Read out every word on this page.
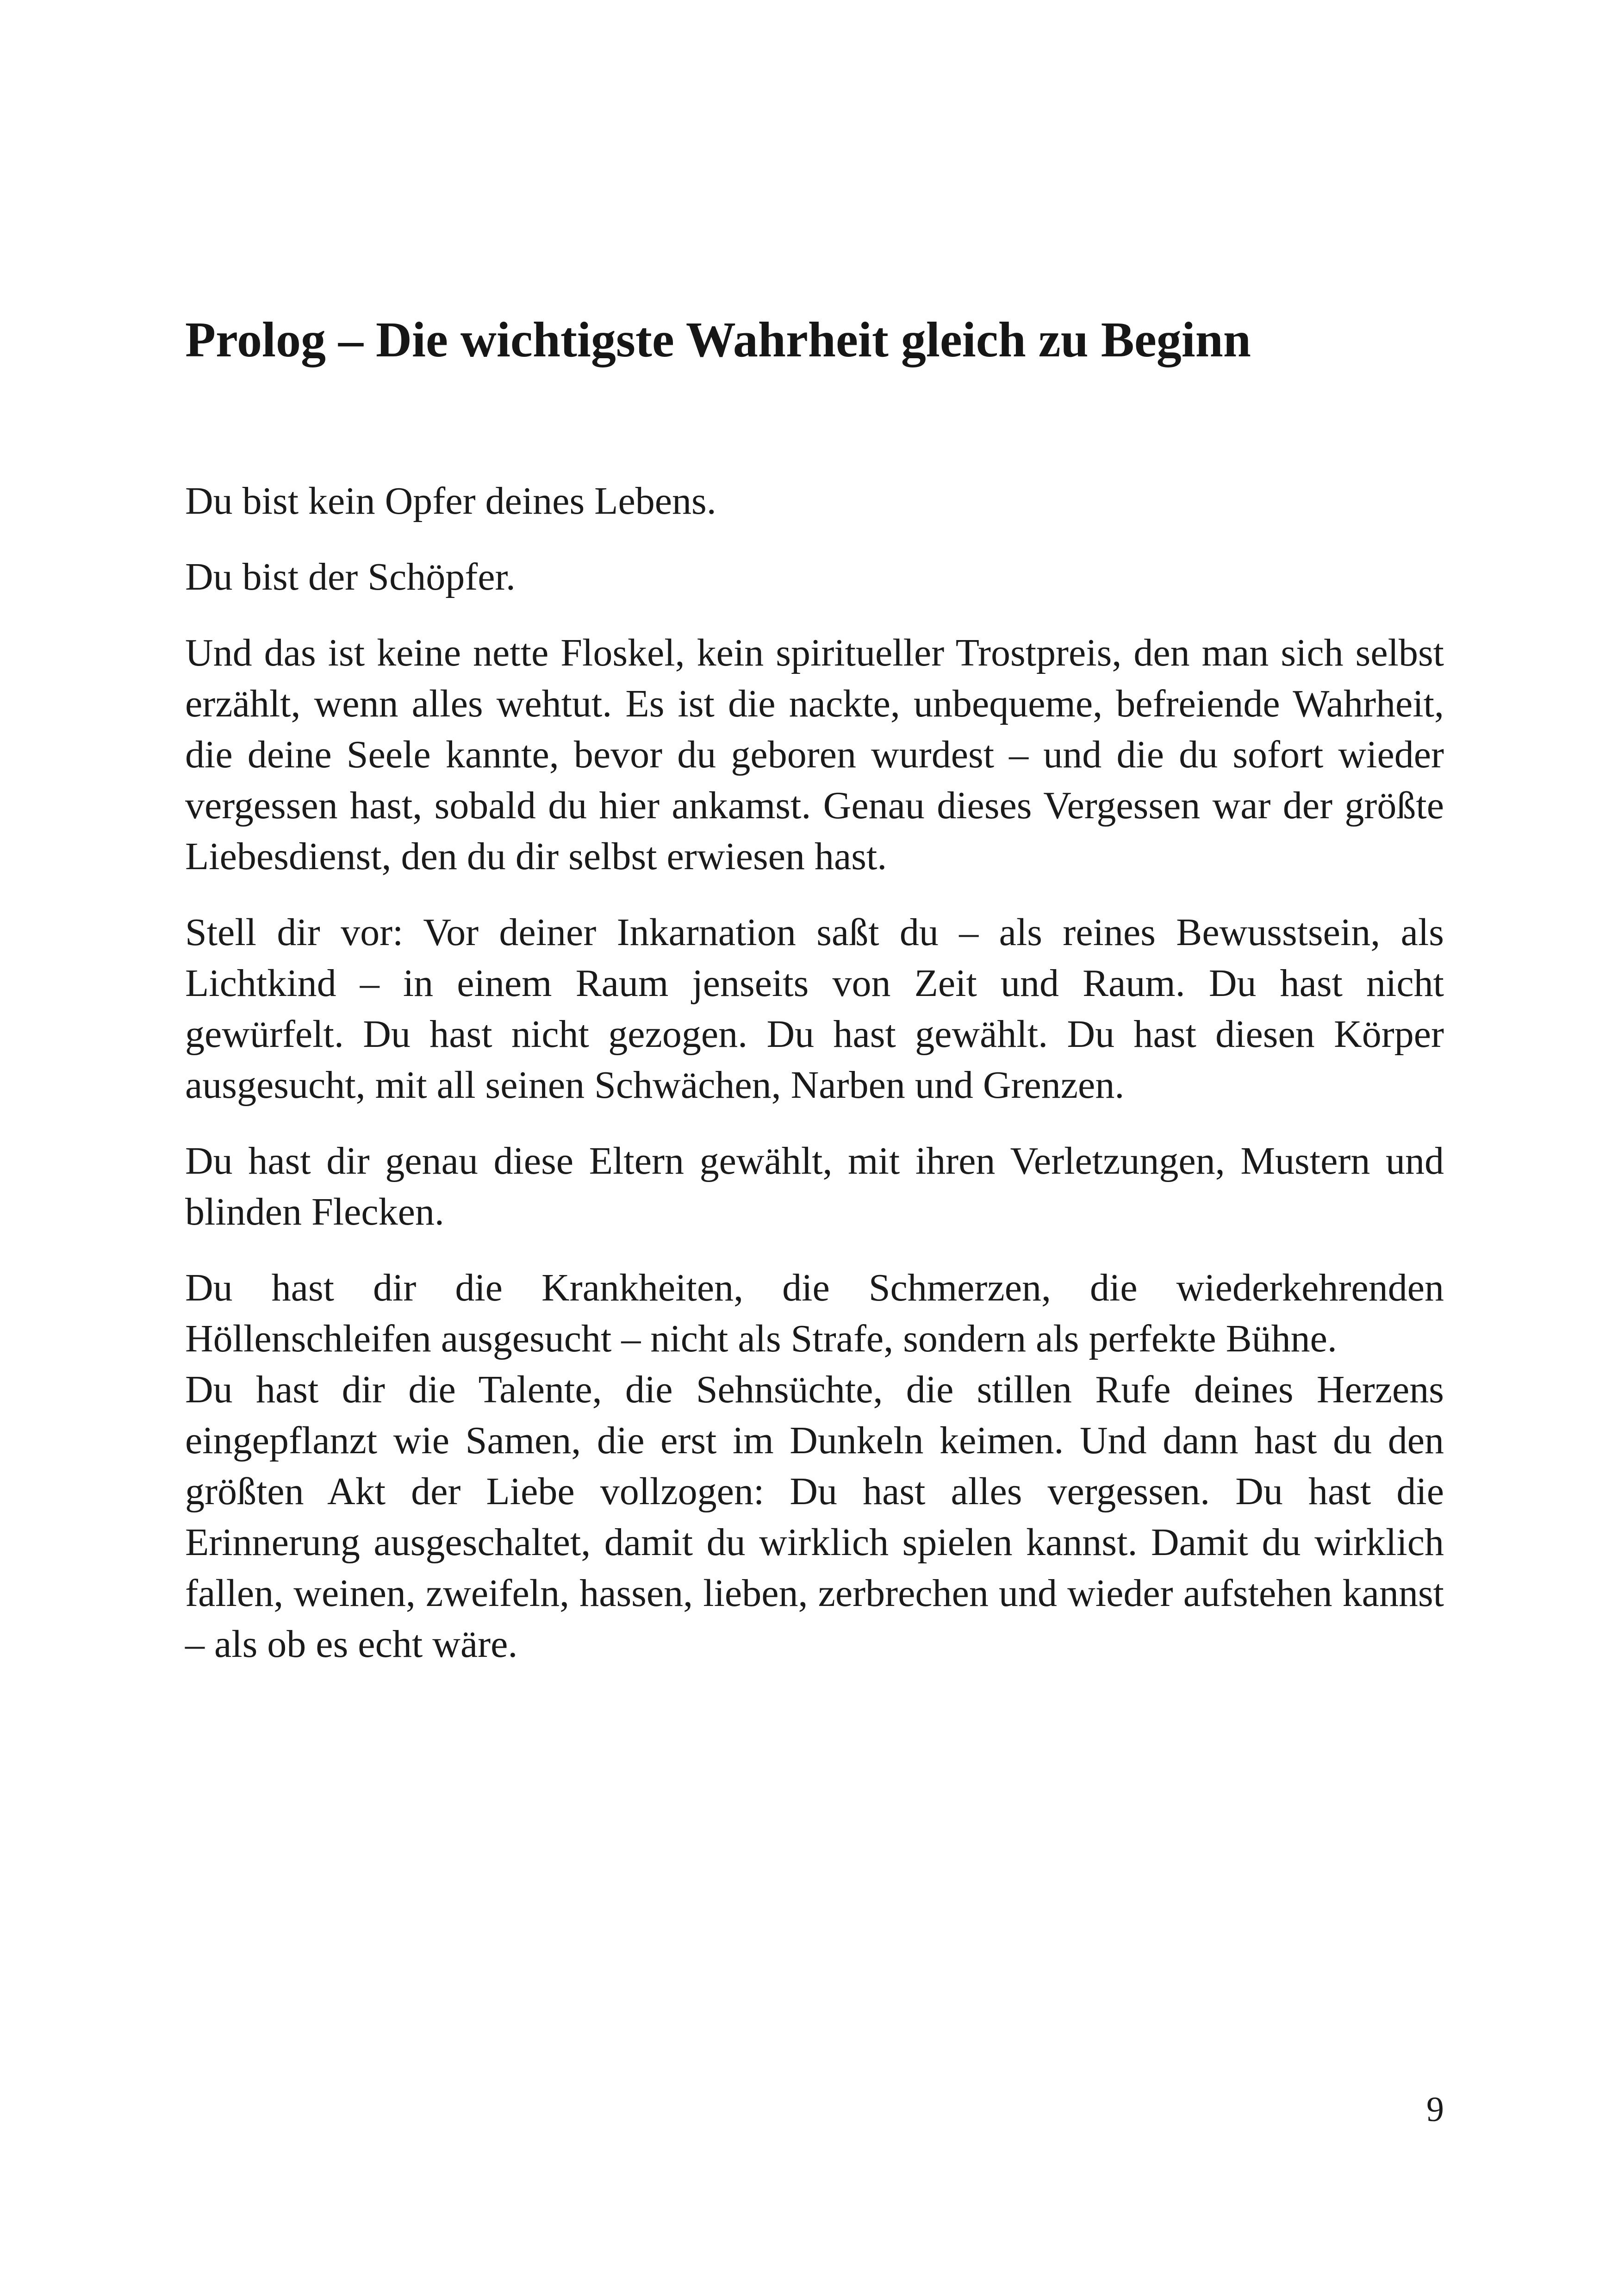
Prolog – Die wichtigste Wahrheit gleich zu Beginn

Du bist kein Opfer deines Lebens.

Du bist der Schöpfer.

Und das ist keine nette Floskel, kein spiritueller Trostpreis, den man sich selbst erzählt, wenn alles wehtut. Es ist die nackte, unbequeme, befreiende Wahrheit, die deine Seele kannte, bevor du geboren wurdest – und die du sofort wieder vergessen hast, sobald du hier ankamst. Genau dieses Vergessen war der größte Liebesdienst, den du dir selbst erwiesen hast.

Stell dir vor: Vor deiner Inkarnation saßt du – als reines Bewusstsein, als Lichtkind – in einem Raum jenseits von Zeit und Raum. Du hast nicht gewürfelt. Du hast nicht gezogen. Du hast gewählt. Du hast diesen Körper ausgesucht, mit all seinen Schwächen, Narben und Grenzen.

Du hast dir genau diese Eltern gewählt, mit ihren Verletzungen, Mustern und blinden Flecken.

Du hast dir die Krankheiten, die Schmerzen, die wiederkehrenden Höllenschleifen ausgesucht – nicht als Strafe, sondern als perfekte Bühne.

Du hast dir die Talente, die Sehnsüchte, die stillen Rufe deines Herzens eingepflanzt wie Samen, die erst im Dunkeln keimen. Und dann hast du den größten Akt der Liebe vollzogen: Du hast alles vergessen. Du hast die Erinnerung ausgeschaltet, damit du wirklich spielen kannst. Damit du wirklich fallen, weinen, zweifeln, hassen, lieben, zerbrechen und wieder aufstehen kannst – als ob es echt wäre.

9
